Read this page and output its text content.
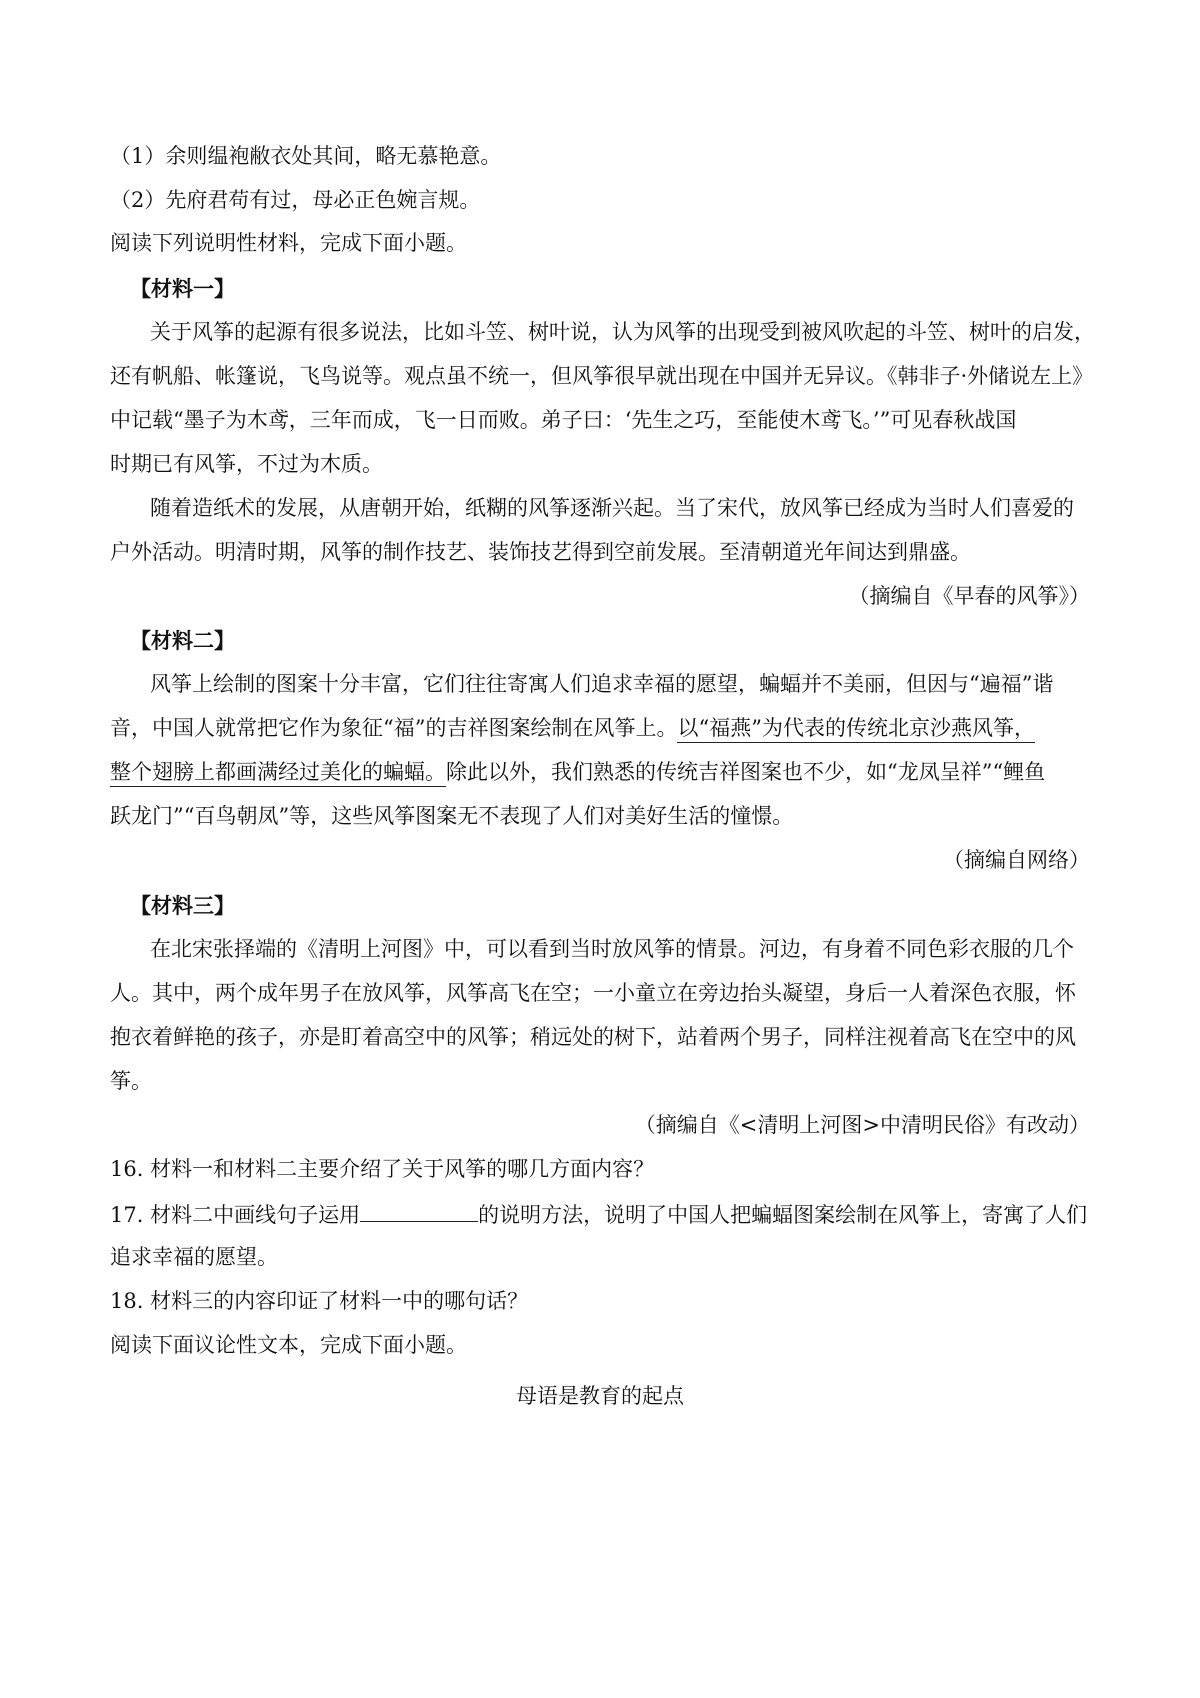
（1）余则缊袍敝衣处其间，略无慕艳意。
（2）先府君苟有过，母必正色婉言规。
阅读下列说明性材料，完成下面小题。
【材料一】
关于风筝的起源有很多说法，比如斗笠、树叶说，认为风筝的出现受到被风吹起的斗笠、树叶的启发，
还有帆船、帐篷说，飞鸟说等。观点虽不统一，但风筝很早就出现在中国并无异议。《韩非子·外储说左上》
中记载“墨子为木鸢，三年而成，飞一日而败。弟子曰：‘先生之巧，至能使木鸢飞。’”可见春秋战国
时期已有风筝，不过为木质。
随着造纸术的发展，从唐朝开始，纸糊的风筝逐渐兴起。当了宋代，放风筝已经成为当时人们喜爱的
户外活动。明清时期，风筝的制作技艺、装饰技艺得到空前发展。至清朝道光年间达到鼎盛。
（摘编自《早春的风筝》）
【材料二】
风筝上绘制的图案十分丰富，它们往往寄寓人们追求幸福的愿望，蝙蝠并不美丽，但因与“遍福”谐
音，中国人就常把它作为象征“福”的吉祥图案绘制在风筝上。以“福燕”为代表的传统北京沙燕风筝，
整个翅膀上都画满经过美化的蝙蝠。除此以外，我们熟悉的传统吉祥图案也不少，如“龙凤呈祥”“鲤鱼
跃龙门”“百鸟朝凤”等，这些风筝图案无不表现了人们对美好生活的憧憬。
（摘编自网络）
【材料三】
在北宋张择端的《清明上河图》中，可以看到当时放风筝的情景。河边，有身着不同色彩衣服的几个
人。其中，两个成年男子在放风筝，风筝高飞在空；一小童立在旁边抬头凝望，身后一人着深色衣服，怀
抱衣着鲜艳的孩子，亦是盯着高空中的风筝；稍远处的树下，站着两个男子，同样注视着高飞在空中的风
筝。
（摘编自《<清明上河图>中清明民俗》有改动）
16. 材料一和材料二主要介绍了关于风筝的哪几方面内容？
17. 材料二中画线句子运用	的说明方法，说明了中国人把蝙蝠图案绘制在风筝上，寄寓了人们
追求幸福的愿望。
18. 材料三的内容印证了材料一中的哪句话？
阅读下面议论性文本，完成下面小题。
母语是教育的起点
